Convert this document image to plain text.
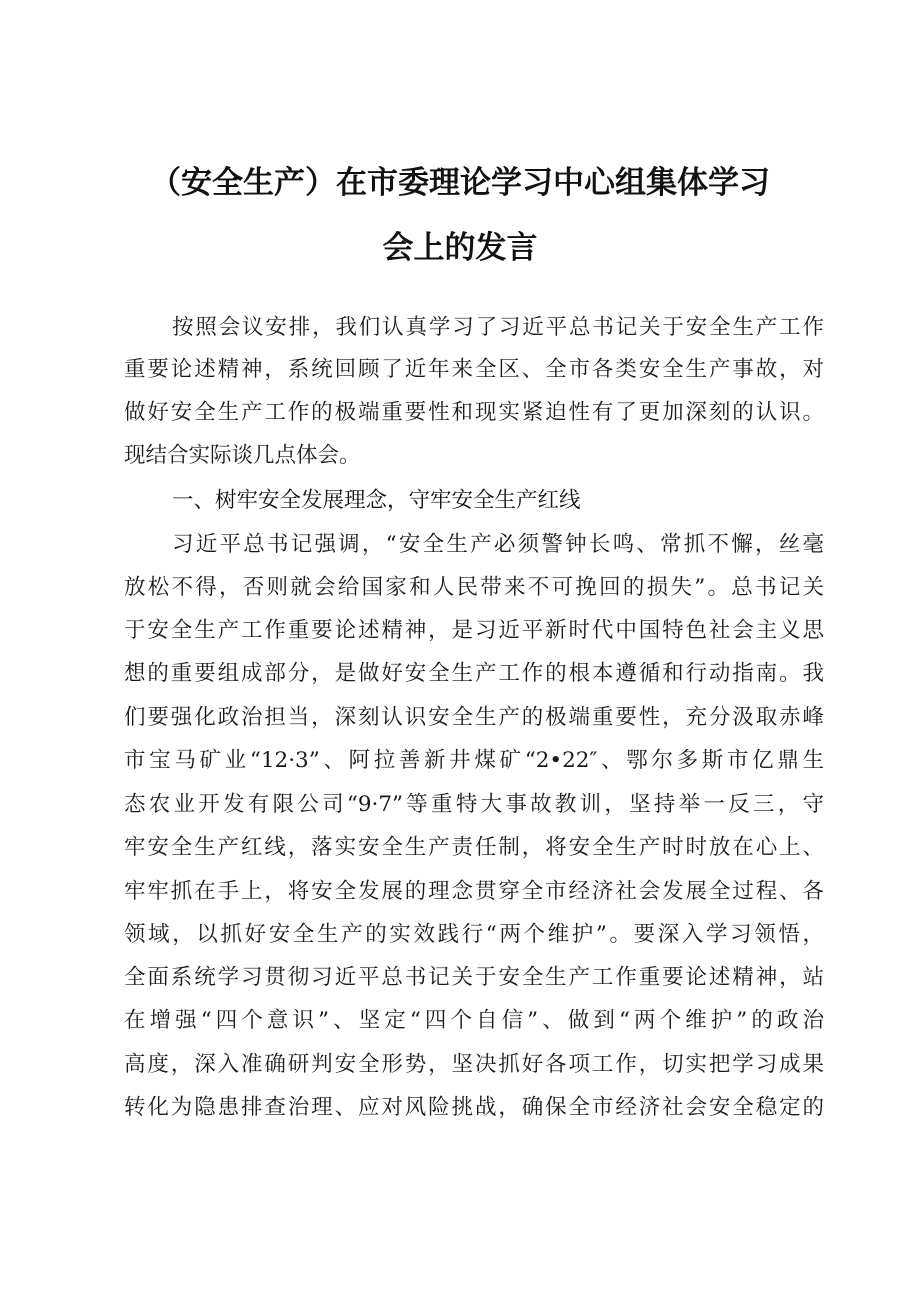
（安全生产）在市委理论学习中心组集体学习
会上的发言
按照会议安排，我们认真学习了习近平总书记关于安全生产工作
重要论述精神，系统回顾了近年来全区、全市各类安全生产事故，对
做好安全生产工作的极端重要性和现实紧迫性有了更加深刻的认识。
现结合实际谈几点体会。
一、树牢安全发展理念，守牢安全生产红线
习近平总书记强调，“安全生产必须警钟长鸣、常抓不懈，丝毫
放松不得，否则就会给国家和人民带来不可挽回的损失”。总书记关
于安全生产工作重要论述精神，是习近平新时代中国特色社会主义思
想的重要组成部分，是做好安全生产工作的根本遵循和行动指南。我
们要强化政治担当，深刻认识安全生产的极端重要性，充分汲取赤峰
市宝马矿业“12·3”、阿拉善新井煤矿“2•22″、鄂尔多斯市亿鼎生
态农业开发有限公司“9·7”等重特大事故教训，坚持举一反三，守
牢安全生产红线，落实安全生产责任制，将安全生产时时放在心上、
牢牢抓在手上，将安全发展的理念贯穿全市经济社会发展全过程、各
领域，以抓好安全生产的实效践行“两个维护”。要深入学习领悟，
全面系统学习贯彻习近平总书记关于安全生产工作重要论述精神，站
在增强“四个意识”、坚定“四个自信”、做到“两个维护”的政治
高度，深入准确研判安全形势，坚决抓好各项工作，切实把学习成果
转化为隐患排查治理、应对风险挑战，确保全市经济社会安全稳定的
